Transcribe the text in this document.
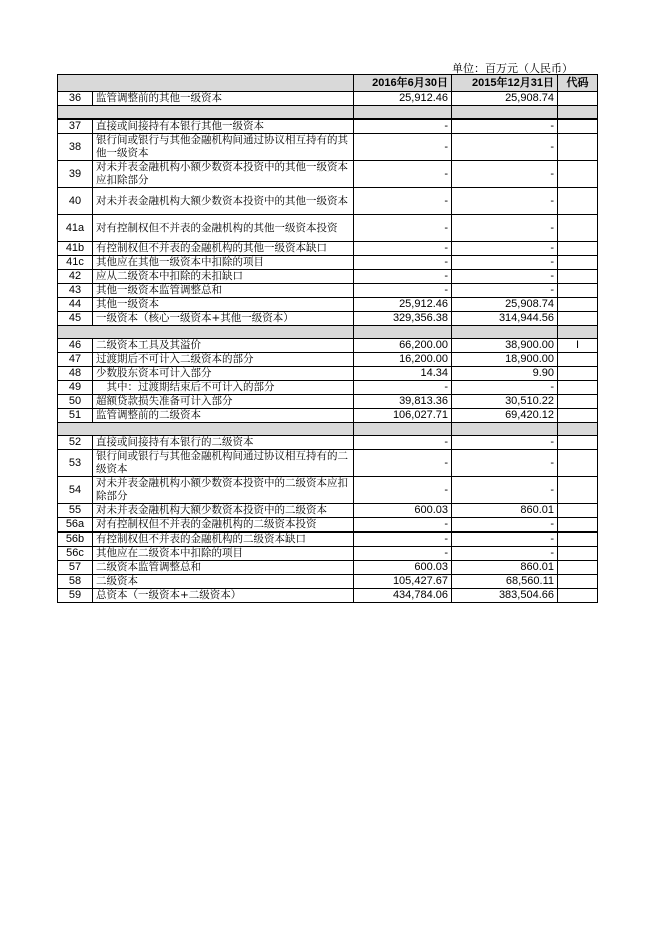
单位：百万元（人民币）
		2016年6月30日	2015年12月31日	代码
36	监管调整前的其他一级资本	25,912.46	25,908.74	

37	直接或间接持有本银行其他一级资本	-	-	
38	银行间或银行与其他金融机构间通过协议相互持有的其他一级资本	-	-	
39	对未并表金融机构小额少数资本投资中的其他一级资本应扣除部分	-	-	
40	对未并表金融机构大额少数资本投资中的其他一级资本	-	-	
41a	对有控制权但不并表的金融机构的其他一级资本投资	-	-	
41b	有控制权但不并表的金融机构的其他一级资本缺口	-	-	
41c	其他应在其他一级资本中扣除的项目	-	-	
42	应从二级资本中扣除的未扣缺口	-	-	
43	其他一级资本监管调整总和	-	-	
44	其他一级资本	25,912.46	25,908.74	
45	一级资本（核心一级资本+其他一级资本）	329,356.38	314,944.56	

46	二级资本工具及其溢价	66,200.00	38,900.00	I
47	过渡期后不可计入二级资本的部分	16,200.00	18,900.00	
48	少数股东资本可计入部分	14.34	9.90	
49	　其中：过渡期结束后不可计入的部分	-	-	
50	超额贷款损失准备可计入部分	39,813.36	30,510.22	
51	监管调整前的二级资本	106,027.71	69,420.12	

52	直接或间接持有本银行的二级资本	-	-	
53	银行间或银行与其他金融机构间通过协议相互持有的二级资本	-	-	
54	对未并表金融机构小额少数资本投资中的二级资本应扣除部分	-	-	
55	对未并表金融机构大额少数资本投资中的二级资本	600.03	860.01	
56a	对有控制权但不并表的金融机构的二级资本投资	-	-	
56b	有控制权但不并表的金融机构的二级资本缺口	-	-	
56c	其他应在二级资本中扣除的项目	-	-	
57	二级资本监管调整总和	600.03	860.01	
58	二级资本	105,427.67	68,560.11	
59	总资本（一级资本+二级资本）	434,784.06	383,504.66	
